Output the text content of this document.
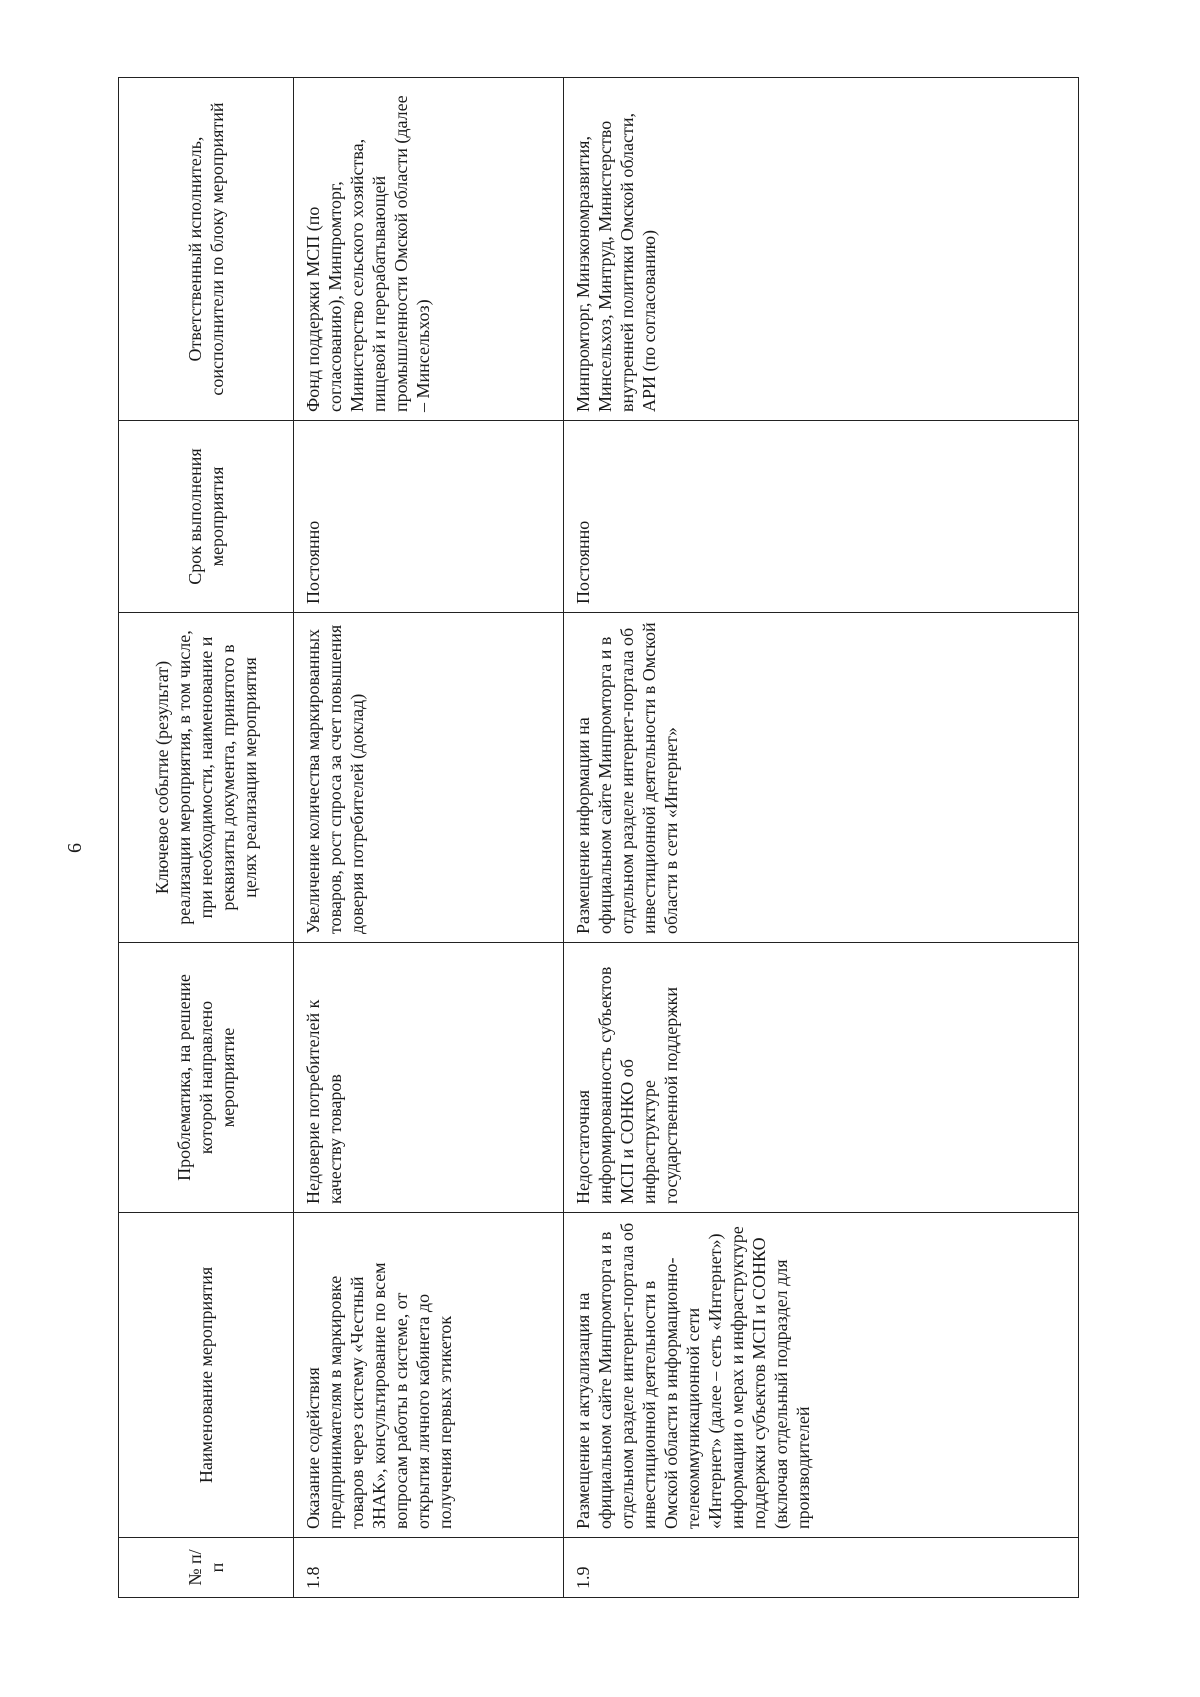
6
№ п/п	Наименование мероприятия	Проблематика, на решение которой направлено мероприятие	Ключевое событие (результат) реализации мероприятия, в том числе, при необходимости, наименование и реквизиты документа, принятого в целях реализации мероприятия	Срок выполнения мероприятия	Ответственный исполнитель, соисполнители по блоку мероприятий
1.8	Оказание содействия предпринимателям в маркировке товаров через систему «Честный ЗНАК», консультирование по всем вопросам работы в системе, от открытия личного кабинета до получения первых этикеток	Недоверие потребителей к качеству товаров	Увеличение количества маркированных товаров, рост спроса за счет повышения доверия потребителей (доклад)	Постоянно	Фонд поддержки МСП (по согласованию), Минпромторг, Министерство сельского хозяйства, пищевой и перерабатывающей промышленности Омской области (далее – Минсельхоз)
1.9	Размещение и актуализация на официальном сайте Минпромторга и в отдельном разделе интернет-портала об инвестиционной деятельности в Омской области в информационно-телекоммуникационной сети «Интернет» (далее – сеть «Интернет») информации о мерах и инфраструктуре поддержки субъектов МСП и СОНКО (включая отдельный подраздел для производителей	Недостаточная информированность субъектов МСП и СОНКО об инфраструктуре государственной поддержки	Размещение информации на официальном сайте Минпромторга и в отдельном разделе интернет-портала об инвестиционной деятельности в Омской области в сети «Интернет»	Постоянно	Минпромторг, Минэкономразвития, Минсельхоз, Минтруд, Министерство внутренней политики Омской области, АРИ (по согласованию)
